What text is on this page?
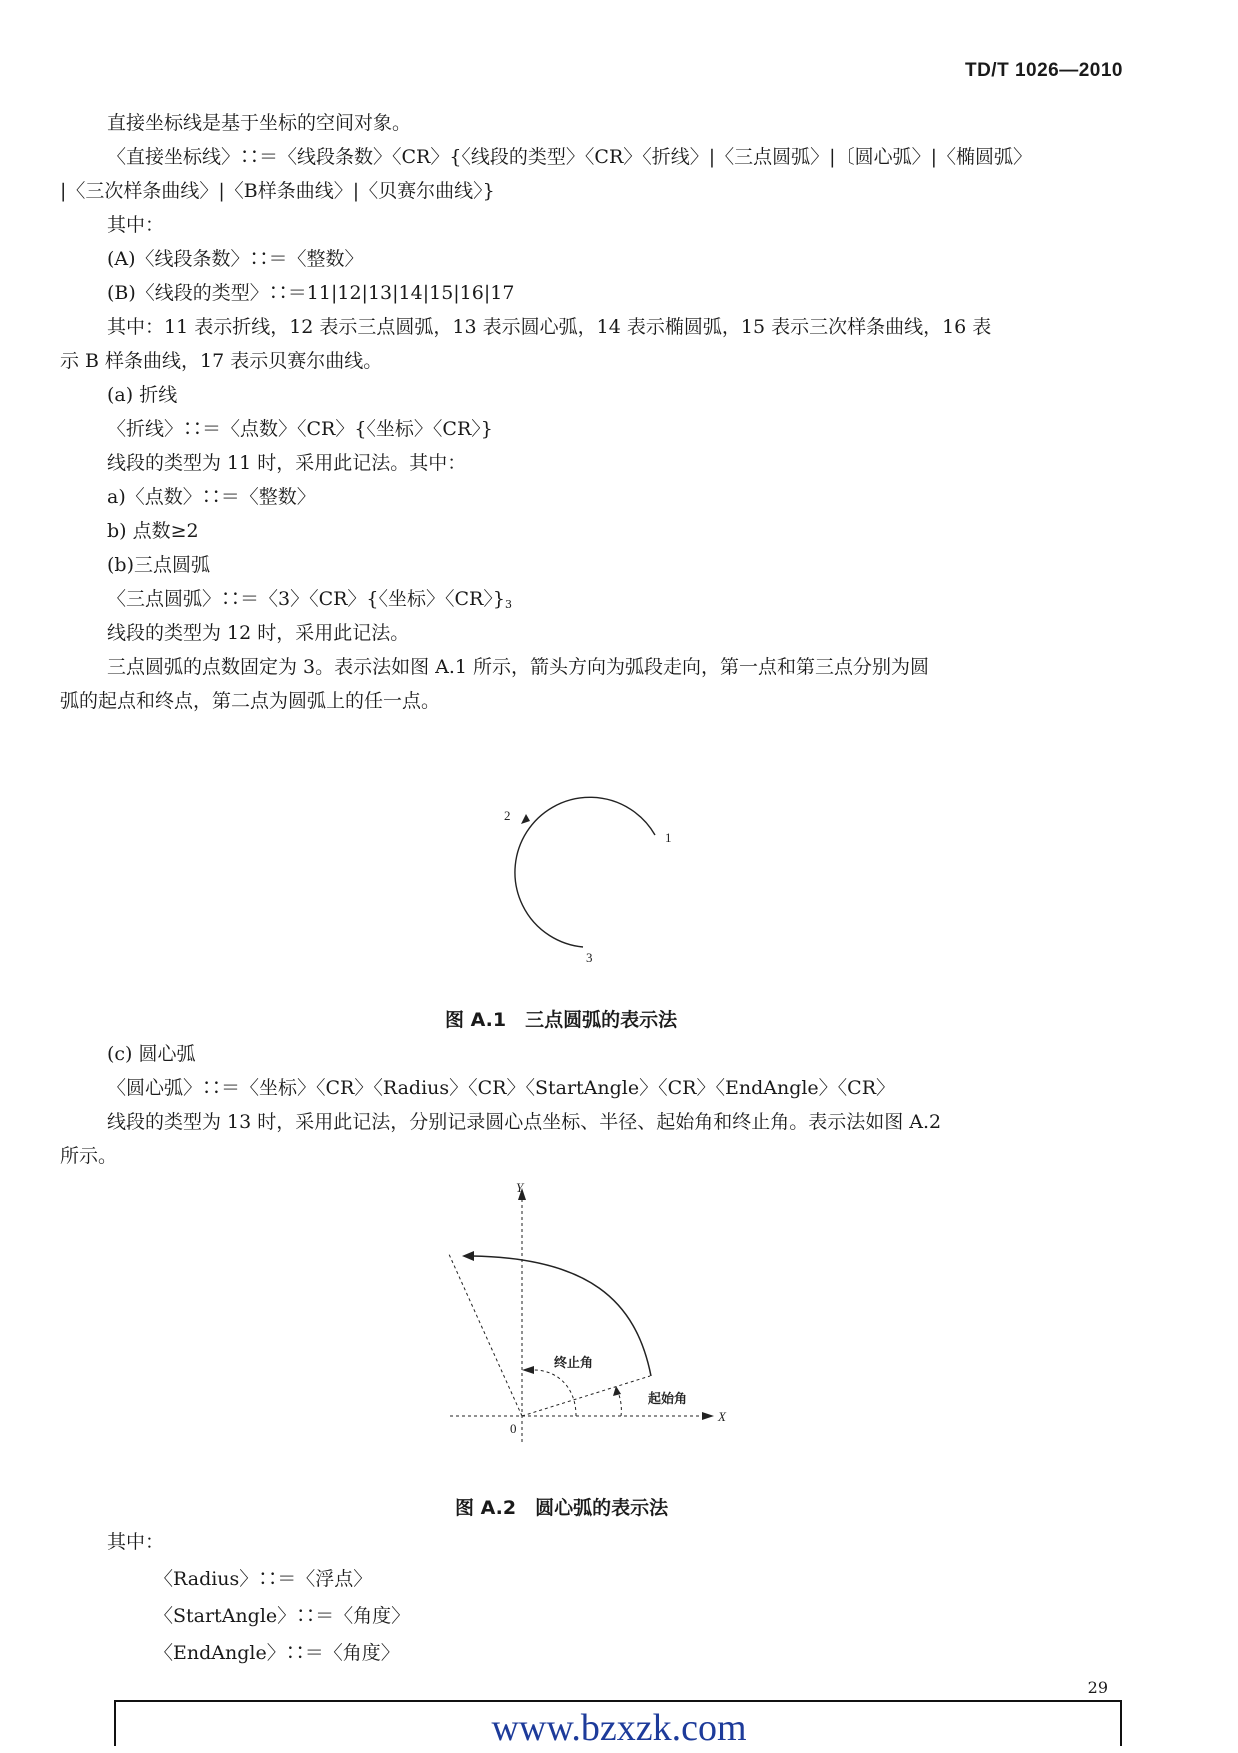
TD/T 1026—2010
直接坐标线是基于坐标的空间对象。
〈直接坐标线〉∷＝〈线段条数〉〈CR〉{〈线段的类型〉〈CR〉〈折线〉|〈三点圆弧〉|〔圆心弧〉|〈椭圆弧〉
|〈三次样条曲线〉|〈B样条曲线〉|〈贝赛尔曲线〉}
其中：
(A)〈线段条数〉∷＝〈整数〉
(B)〈线段的类型〉∷＝11|12|13|14|15|16|17
其中：11 表示折线，12 表示三点圆弧，13 表示圆心弧，14 表示椭圆弧，15 表示三次样条曲线，16 表
示 B 样条曲线，17 表示贝赛尔曲线。
(a) 折线
〈折线〉∷＝〈点数〉〈CR〉{〈坐标〉〈CR〉}
线段的类型为 11 时，采用此记法。其中：
a)〈点数〉∷＝〈整数〉
b) 点数≥2
(b)三点圆弧
〈三点圆弧〉∷＝〈3〉〈CR〉{〈坐标〉〈CR〉}$_3$
线段的类型为 12 时，采用此记法。
三点圆弧的点数固定为 3。表示法如图 A.1 所示，箭头方向为弧段走向，第一点和第三点分别为圆
弧的起点和终点，第二点为圆弧上的任一点。
1
2
3
图 A.1　三点圆弧的表示法
(c) 圆心弧
〈圆心弧〉∷＝〈坐标〉〈CR〉〈Radius〉〈CR〉〈StartAngle〉〈CR〉〈EndAngle〉〈CR〉
线段的类型为 13 时，采用此记法，分别记录圆心点坐标、半径、起始角和终止角。表示法如图 A.2
所示。
Y
X
0
终止角
起始角
图 A.2　圆心弧的表示法
其中：
〈Radius〉∷＝〈浮点〉
〈StartAngle〉∷＝〈角度〉
〈EndAngle〉∷＝〈角度〉
29
www.bzxzk.com
